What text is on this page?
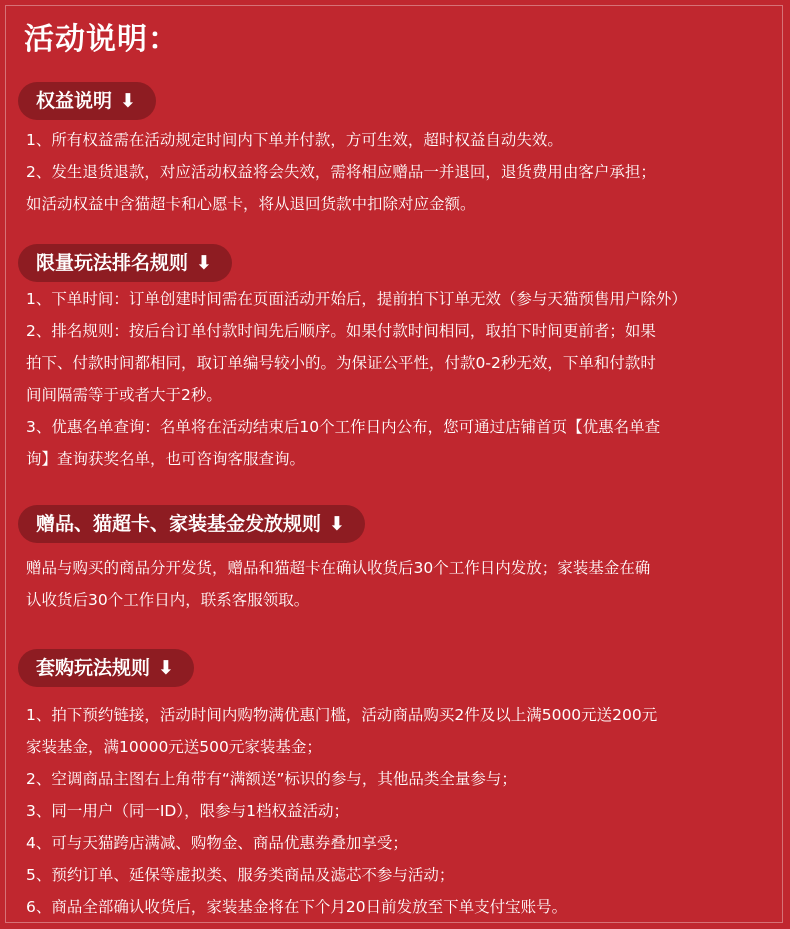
活动说明：
权益说明 ⬇

1、所有权益需在活动规定时间内下单并付款，方可生效，超时权益自动失效。

2、发生退货退款，对应活动权益将会失效，需将相应赠品一并退回，退货费用由客户承担；

如活动权益中含猫超卡和心愿卡，将从退回货款中扣除对应金额。

限量玩法排名规则 ⬇

1、下单时间：订单创建时间需在页面活动开始后，提前拍下订单无效（参与天猫预售用户除外）

2、排名规则：按后台订单付款时间先后顺序。如果付款时间相同，取拍下时间更前者；如果

拍下、付款时间都相同，取订单编号较小的。为保证公平性，付款0-2秒无效，下单和付款时

间间隔需等于或者大于2秒。

3、优惠名单查询：名单将在活动结束后10个工作日内公布，您可通过店铺首页【优惠名单查

询】查询获奖名单，也可咨询客服查询。

赠品、猫超卡、家装基金发放规则 ⬇

赠品与购买的商品分开发货，赠品和猫超卡在确认收货后30个工作日内发放；家装基金在确

认收货后30个工作日内，联系客服领取。

套购玩法规则 ⬇

1、拍下预约链接，活动时间内购物满优惠门槛，活动商品购买2件及以上满5000元送200元

家装基金，满10000元送500元家装基金；

2、空调商品主图右上角带有“满额送”标识的参与，其他品类全量参与；

3、同一用户（同一ID），限参与1档权益活动；

4、可与天猫跨店满减、购物金、商品优惠券叠加享受；

5、预约订单、延保等虚拟类、服务类商品及滤芯不参与活动；

6、商品全部确认收货后，家装基金将在下个月20日前发放至下单支付宝账号。
